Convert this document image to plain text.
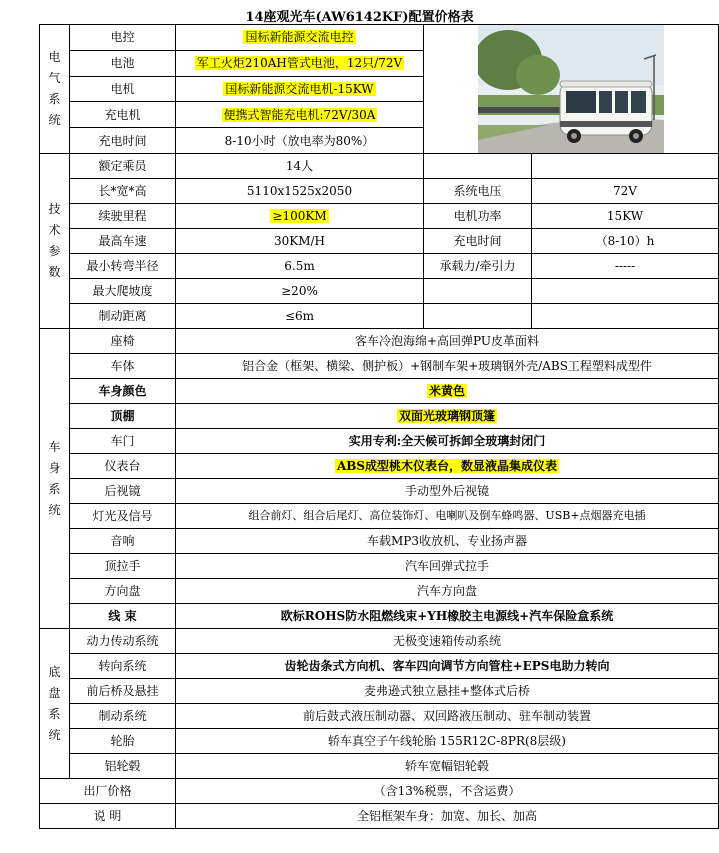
14座观光车(AW6142KF)配置价格表
电气系统	电控	国标新能源交流电控	

	电池	军工火炬210AH管式电池，12只/72V		
	电机	国标新能源交流电机-15KW		
	充电机	便携式智能充电机:72V/30A		
	充电时间	8-10小时（放电率为80%）		

技术参数	额定乘员	14人		
	长*宽*高	5110x1525x2050	系统电压	72V
	续驶里程	≥100KM	电机功率	15KW
	最高车速	30KM/H	充电时间	（8-10）h
	最小转弯半径	6.5m	承载力/牵引力	-----
	最大爬坡度	≥20%		
	制动距离	≤6m		

车身系统	座椅	客车冷泡海绵+高回弹PU皮革面料		
	车体	铝合金（框架、横梁、侧护板）+钢制车架+玻璃钢外壳/ABS工程塑料成型件		
	车身颜色	米黄色		
	顶棚	双面光玻璃钢顶篷		
	车门	实用专利:全天候可拆卸全玻璃封闭门		
	仪表台	ABS成型桃木仪表台，数显液晶集成仪表		
	后视镜	手动型外后视镜		
	灯光及信号	组合前灯、组合后尾灯、高位装饰灯、电喇叭及倒车蜂鸣器、USB+点烟器充电插		
	音响	车载MP3收放机、专业扬声器		
	顶拉手	汽车回弹式拉手		
	方向盘	汽车方向盘		
	线 束	欧标ROHS防水阻燃线束+YH橡胶主电源线+汽车保险盒系统		

底盘系统	动力传动系统	无极变速箱传动系统		
	转向系统	齿轮齿条式方向机、客车四向调节方向管柱+EPS电助力转向		
	前后桥及悬挂	麦弗逊式独立悬挂+整体式后桥		
	制动系统	前后鼓式液压制动器、双回路液压制动、驻车制动装置		
	轮胎	轿车真空子午线轮胎 155R12C-8PR(8层级)		
	铝轮毂	轿车宽幅铝轮毂		
出厂价格		（含13%税票，不含运费）		
说 明		全铝框架车身：加宽、加长、加高		
